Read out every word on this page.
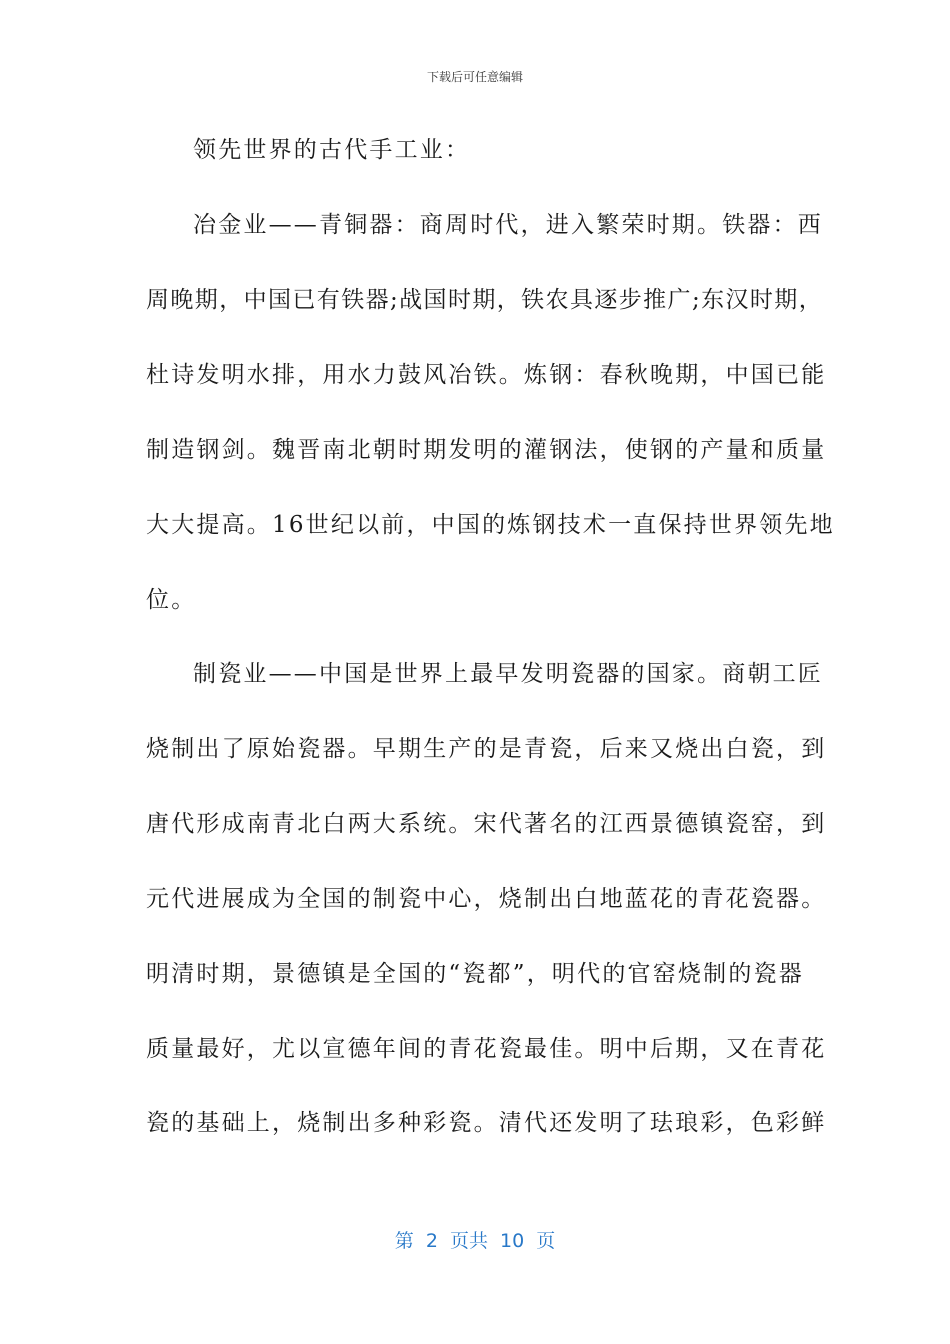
下载后可任意编辑
领先世界的古代手工业：
冶金业——青铜器：商周时代，进入繁荣时期。铁器：西
周晚期，中国已有铁器;战国时期，铁农具逐步推广;东汉时期，
杜诗发明水排，用水力鼓风冶铁。炼钢：春秋晚期，中国已能
制造钢剑。魏晋南北朝时期发明的灌钢法，使钢的产量和质量
大大提高。16世纪以前，中国的炼钢技术一直保持世界领先地
位。
制瓷业——中国是世界上最早发明瓷器的国家。商朝工匠
烧制出了原始瓷器。早期生产的是青瓷，后来又烧出白瓷，到
唐代形成南青北白两大系统。宋代著名的江西景德镇瓷窑，到
元代进展成为全国的制瓷中心，烧制出白地蓝花的青花瓷器。
明清时期，景德镇是全国的“瓷都”，明代的官窑烧制的瓷器
质量最好，尤以宣德年间的青花瓷最佳。明中后期，又在青花
瓷的基础上，烧制出多种彩瓷。清代还发明了珐琅彩，色彩鲜
第 2 页共 10 页
